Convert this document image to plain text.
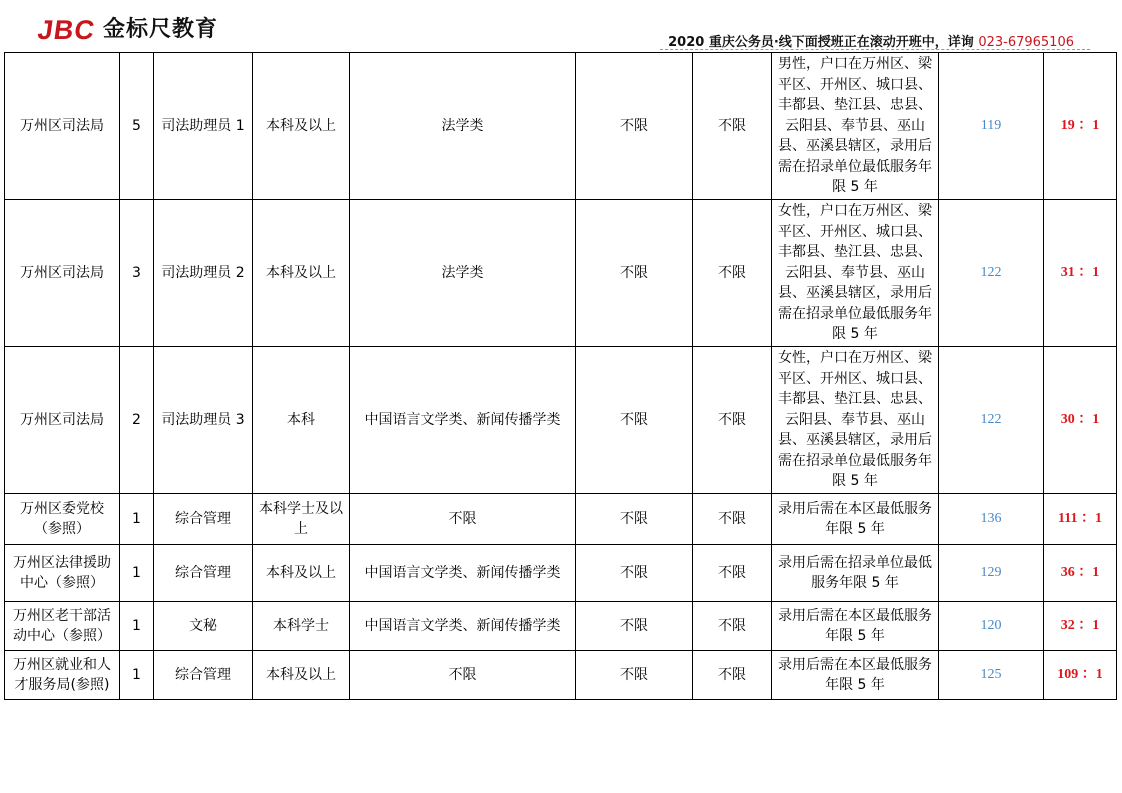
JBC 金标尺教育
2020 重庆公务员·线下面授班正在滚动开班中，详询 023-67965106
万州区司法局	5	司法助理员 1	本科及以上	法学类	不限	不限	男性，户口在万州区、梁平区、开州区、城口县、丰都县、垫江县、忠县、云阳县、奉节县、巫山县、巫溪县辖区，录用后需在招录单位最低服务年限 5 年	119	19 ：1
万州区司法局	3	司法助理员 2	本科及以上	法学类	不限	不限	女性，户口在万州区、梁平区、开州区、城口县、丰都县、垫江县、忠县、云阳县、奉节县、巫山县、巫溪县辖区，录用后需在招录单位最低服务年限 5 年	122	31 ：1
万州区司法局	2	司法助理员 3	本科	中国语言文学类、新闻传播学类	不限	不限	女性，户口在万州区、梁平区、开州区、城口县、丰都县、垫江县、忠县、云阳县、奉节县、巫山县、巫溪县辖区，录用后需在招录单位最低服务年限 5 年	122	30 ：1
万州区委党校（参照）	1	综合管理	本科学士及以上	不限	不限	不限	录用后需在本区最低服务年限 5 年	136	111 ：1
万州区法律援助中心（参照）	1	综合管理	本科及以上	中国语言文学类、新闻传播学类	不限	不限	录用后需在招录单位最低服务年限 5 年	129	36 ：1
万州区老干部活动中心（参照）	1	文秘	本科学士	中国语言文学类、新闻传播学类	不限	不限	录用后需在本区最低服务年限 5 年	120	32 ：1
万州区就业和人才服务局(参照)	1	综合管理	本科及以上	不限	不限	不限	录用后需在本区最低服务年限 5 年	125	109 ：1
